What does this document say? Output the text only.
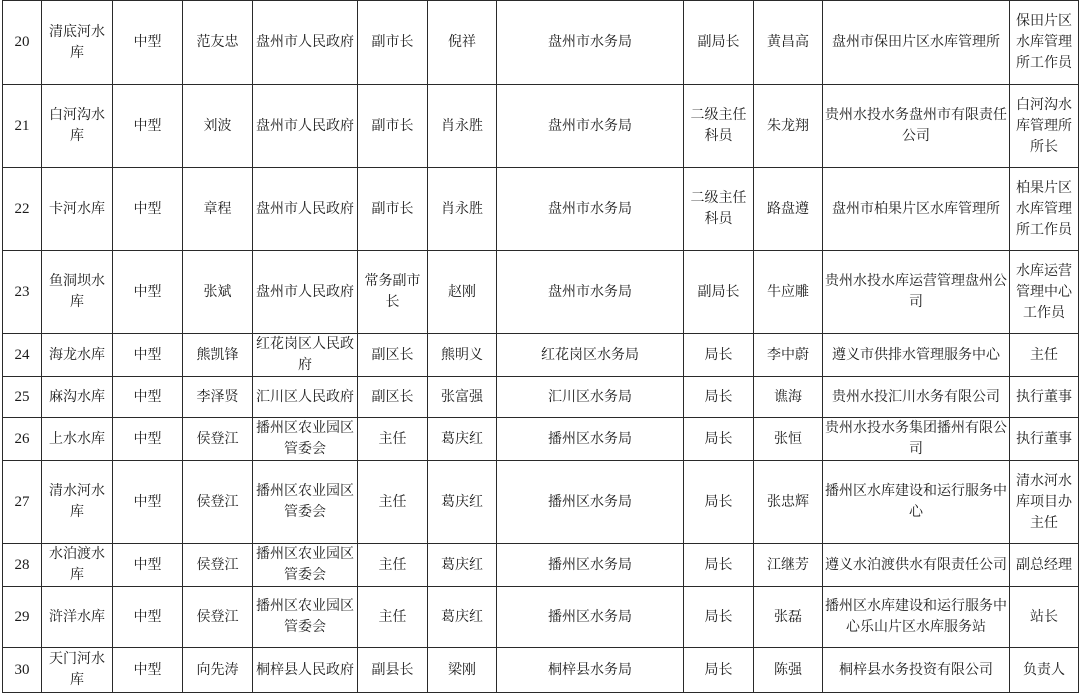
20	清底河水库	中型	范友忠	盘州市人民政府	副市长	倪祥	盘州市水务局	副局长	黄昌高	盘州市保田片区水库管理所	保田片区水库管理所工作员
21	白河沟水库	中型	刘波	盘州市人民政府	副市长	肖永胜	盘州市水务局	二级主任科员	朱龙翔	贵州水投水务盘州市有限责任公司	白河沟水库管理所所长
22	卡河水库	中型	章程	盘州市人民政府	副市长	肖永胜	盘州市水务局	二级主任科员	路盘遵	盘州市柏果片区水库管理所	柏果片区水库管理所工作员
23	鱼洞坝水库	中型	张斌	盘州市人民政府	常务副市长	赵刚	盘州市水务局	副局长	牛应雕	贵州水投水库运营管理盘州公司	水库运营管理中心工作员
24	海龙水库	中型	熊凯锋	红花岗区人民政府	副区长	熊明义	红花岗区水务局	局长	李中蔚	遵义市供排水管理服务中心	主任
25	麻沟水库	中型	李泽贤	汇川区人民政府	副区长	张富强	汇川区水务局	局长	谯海	贵州水投汇川水务有限公司	执行董事
26	上水水库	中型	侯登江	播州区农业园区管委会	主任	葛庆红	播州区水务局	局长	张恒	贵州水投水务集团播州有限公司	执行董事
27	清水河水库	中型	侯登江	播州区农业园区管委会	主任	葛庆红	播州区水务局	局长	张忠辉	播州区水库建设和运行服务中心	清水河水库项目办主任
28	水泊渡水库	中型	侯登江	播州区农业园区管委会	主任	葛庆红	播州区水务局	局长	江继芳	遵义水泊渡供水有限责任公司	副总经理
29	浒洋水库	中型	侯登江	播州区农业园区管委会	主任	葛庆红	播州区水务局	局长	张磊	播州区水库建设和运行服务中心乐山片区水库服务站	站长
30	天门河水库	中型	向先涛	桐梓县人民政府	副县长	梁刚	桐梓县水务局	局长	陈强	桐梓县水务投资有限公司	负责人
